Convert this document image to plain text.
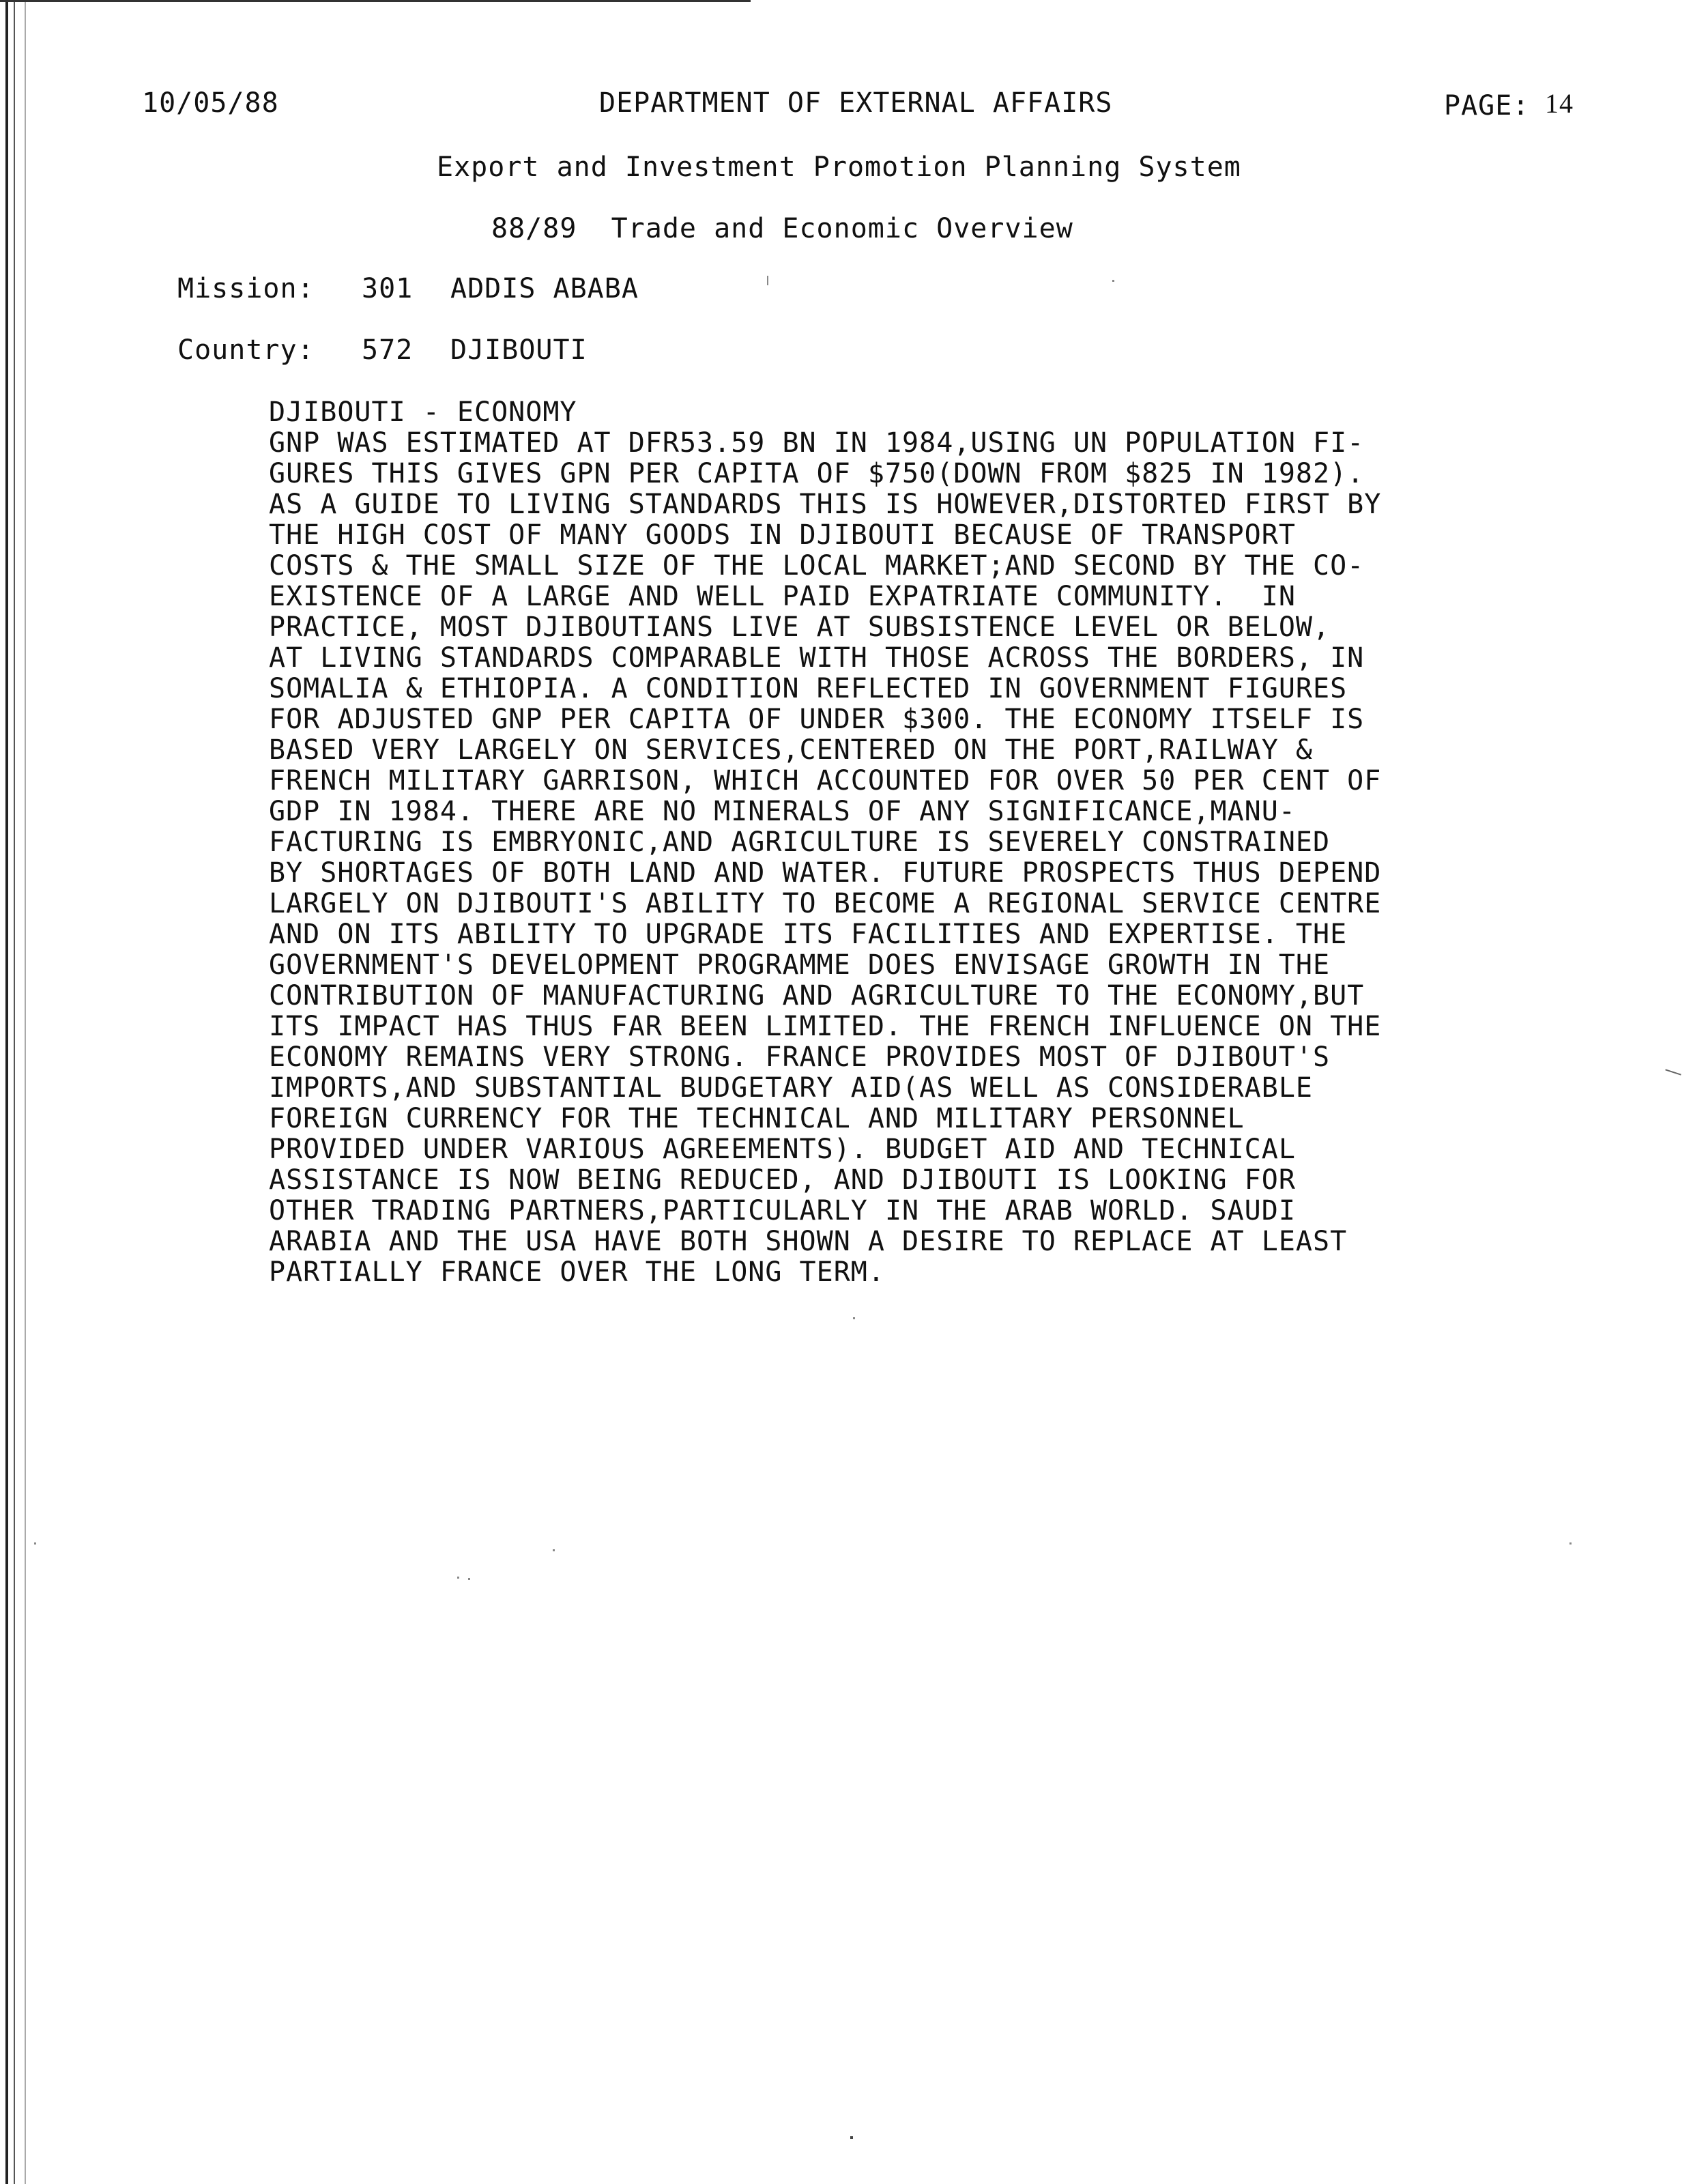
10/05/88	DEPARTMENT OF EXTERNAL AFFAIRS	PAGE: 14
Export and Investment Promotion Planning System
88/89  Trade and Economic Overview
Mission: 301 ADDIS ABABA
Country: 572 DJIBOUTI
DJIBOUTI - ECONOMY
GNP WAS ESTIMATED AT DFR53.59 BN IN 1984,USING UN POPULATION FI-
GURES THIS GIVES GPN PER CAPITA OF $750(DOWN FROM $825 IN 1982).
AS A GUIDE TO LIVING STANDARDS THIS IS HOWEVER,DISTORTED FIRST BY
THE HIGH COST OF MANY GOODS IN DJIBOUTI BECAUSE OF TRANSPORT
COSTS & THE SMALL SIZE OF THE LOCAL MARKET;AND SECOND BY THE CO-
EXISTENCE OF A LARGE AND WELL PAID EXPATRIATE COMMUNITY.  IN
PRACTICE, MOST DJIBOUTIANS LIVE AT SUBSISTENCE LEVEL OR BELOW,
AT LIVING STANDARDS COMPARABLE WITH THOSE ACROSS THE BORDERS, IN
SOMALIA & ETHIOPIA. A CONDITION REFLECTED IN GOVERNMENT FIGURES
FOR ADJUSTED GNP PER CAPITA OF UNDER $300. THE ECONOMY ITSELF IS
BASED VERY LARGELY ON SERVICES,CENTERED ON THE PORT,RAILWAY &
FRENCH MILITARY GARRISON, WHICH ACCOUNTED FOR OVER 50 PER CENT OF
GDP IN 1984. THERE ARE NO MINERALS OF ANY SIGNIFICANCE,MANU-
FACTURING IS EMBRYONIC,AND AGRICULTURE IS SEVERELY CONSTRAINED
BY SHORTAGES OF BOTH LAND AND WATER. FUTURE PROSPECTS THUS DEPEND
LARGELY ON DJIBOUTI'S ABILITY TO BECOME A REGIONAL SERVICE CENTRE
AND ON ITS ABILITY TO UPGRADE ITS FACILITIES AND EXPERTISE. THE
GOVERNMENT'S DEVELOPMENT PROGRAMME DOES ENVISAGE GROWTH IN THE
CONTRIBUTION OF MANUFACTURING AND AGRICULTURE TO THE ECONOMY,BUT
ITS IMPACT HAS THUS FAR BEEN LIMITED. THE FRENCH INFLUENCE ON THE
ECONOMY REMAINS VERY STRONG. FRANCE PROVIDES MOST OF DJIBOUT'S
IMPORTS,AND SUBSTANTIAL BUDGETARY AID(AS WELL AS CONSIDERABLE
FOREIGN CURRENCY FOR THE TECHNICAL AND MILITARY PERSONNEL
PROVIDED UNDER VARIOUS AGREEMENTS). BUDGET AID AND TECHNICAL
ASSISTANCE IS NOW BEING REDUCED, AND DJIBOUTI IS LOOKING FOR
OTHER TRADING PARTNERS,PARTICULARLY IN THE ARAB WORLD. SAUDI
ARABIA AND THE USA HAVE BOTH SHOWN A DESIRE TO REPLACE AT LEAST
PARTIALLY FRANCE OVER THE LONG TERM.
